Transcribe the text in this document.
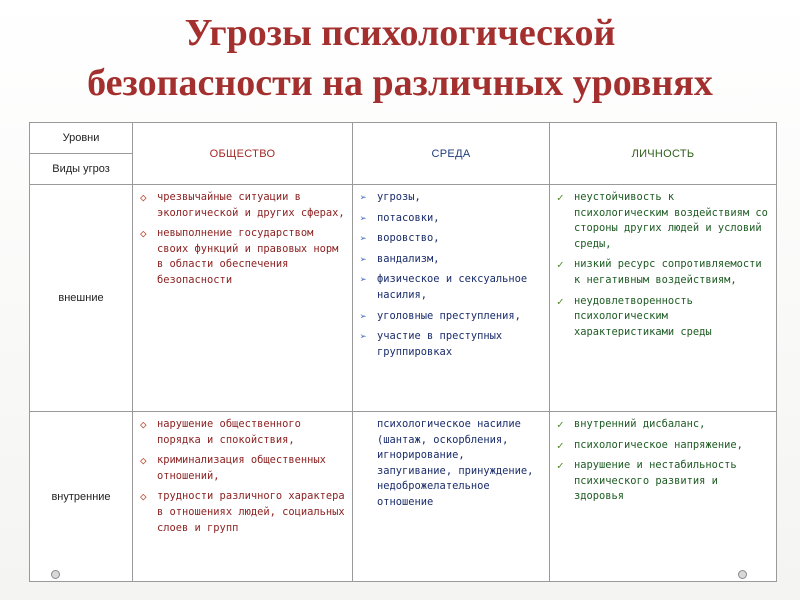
Угрозы психологической
безопасности на различных уровнях
Уровни
ОБЩЕСТВО	СРЕДА	ЛИЧНОСТЬ
Виды угроз
внешние
◇ чрезвычайные ситуации в экологической и других сферах,
◇ невыполнение государством своих функций и правовых норм в области обеспечения безопасности
➢ угрозы,
➢ потасовки,
➢ воровство,
➢ вандализм,
➢ физическое и сексуальное насилия,
➢ уголовные преступления,
➢ участие в преступных группировках
✓ неустойчивость к психологическим воздействиям со стороны других людей и условий среды,
✓ низкий ресурс сопротивляемости к негативным воздействиям,
✓ неудовлетворенность психологическим характеристиками среды
внутренние
◇ нарушение общественного порядка и спокойствия,
◇ криминализация общественных отношений,
◇ трудности различного характера в отношениях людей, социальных слоев и групп
психологическое насилие (шантаж, оскорбления, игнорирование, запугивание, принуждение, недоброжелательное отношение
✓ внутренний дисбаланс,
✓ психологическое напряжение,
✓ нарушение и нестабильность психического развития и здоровья
